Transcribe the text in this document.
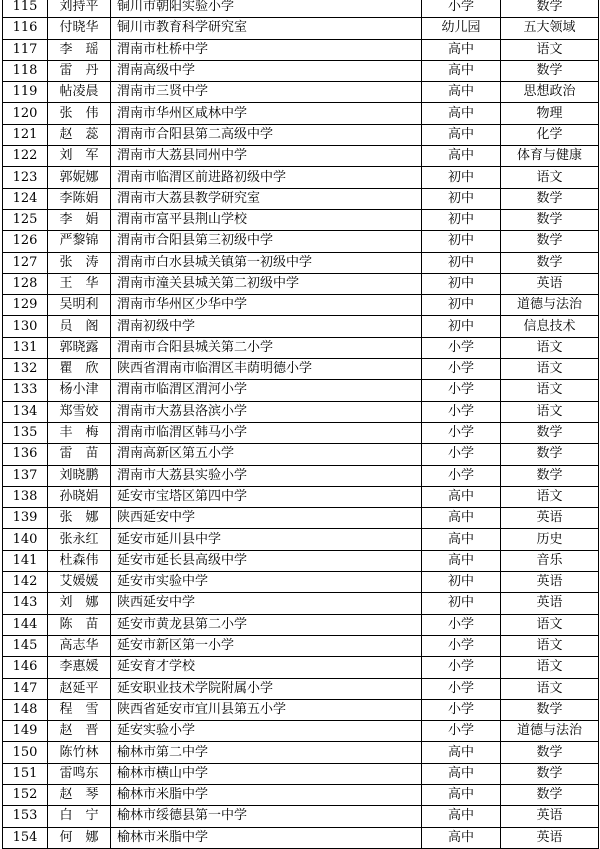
115	刘持平	铜川市朝阳实验小学	小学	数学
116	付晓华	铜川市教育科学研究室	幼儿园	五大领域
117	李　瑶	渭南市杜桥中学	高中	语文
118	雷　丹	渭南高级中学	高中	数学
119	帖凌晨	渭南市三贤中学	高中	思想政治
120	张　伟	渭南市华州区咸林中学	高中	物理
121	赵　蕊	渭南市合阳县第二高级中学	高中	化学
122	刘　军	渭南市大荔县同州中学	高中	体育与健康
123	郭妮娜	渭南市临渭区前进路初级中学	初中	语文
124	李陈娟	渭南市大荔县教学研究室	初中	数学
125	李　娟	渭南市富平县荆山学校	初中	数学
126	严黎锦	渭南市合阳县第三初级中学	初中	数学
127	张　涛	渭南市白水县城关镇第一初级中学	初中	数学
128	王　华	渭南市潼关县城关第二初级中学	初中	英语
129	吴明利	渭南市华州区少华中学	初中	道德与法治
130	员　阁	渭南初级中学	初中	信息技术
131	郭晓露	渭南市合阳县城关第二小学	小学	语文
132	瞿　欣	陕西省渭南市临渭区丰荫明德小学	小学	语文
133	杨小津	渭南市临渭区渭河小学	小学	语文
134	郑雪姣	渭南市大荔县洛滨小学	小学	语文
135	丰　梅	渭南市临渭区韩马小学	小学	数学
136	雷　苗	渭南高新区第五小学	小学	数学
137	刘晓鹏	渭南市大荔县实验小学	小学	数学
138	孙晓娟	延安市宝塔区第四中学	高中	语文
139	张　娜	陕西延安中学	高中	英语
140	张永红	延安市延川县中学	高中	历史
141	杜森伟	延安市延长县高级中学	高中	音乐
142	艾媛媛	延安市实验中学	初中	英语
143	刘　娜	陕西延安中学	初中	英语
144	陈　苗	延安市黄龙县第二小学	小学	语文
145	高志华	延安市新区第一小学	小学	语文
146	李惠媛	延安育才学校	小学	语文
147	赵延平	延安职业技术学院附属小学	小学	语文
148	程　雪	陕西省延安市宜川县第五小学	小学	数学
149	赵　晋	延安实验小学	小学	道德与法治
150	陈竹林	榆林市第二中学	高中	数学
151	雷鸣东	榆林市横山中学	高中	数学
152	赵　琴	榆林市米脂中学	高中	数学
153	白　宁	榆林市绥德县第一中学	高中	英语
154	何　娜	榆林市米脂中学	高中	英语
